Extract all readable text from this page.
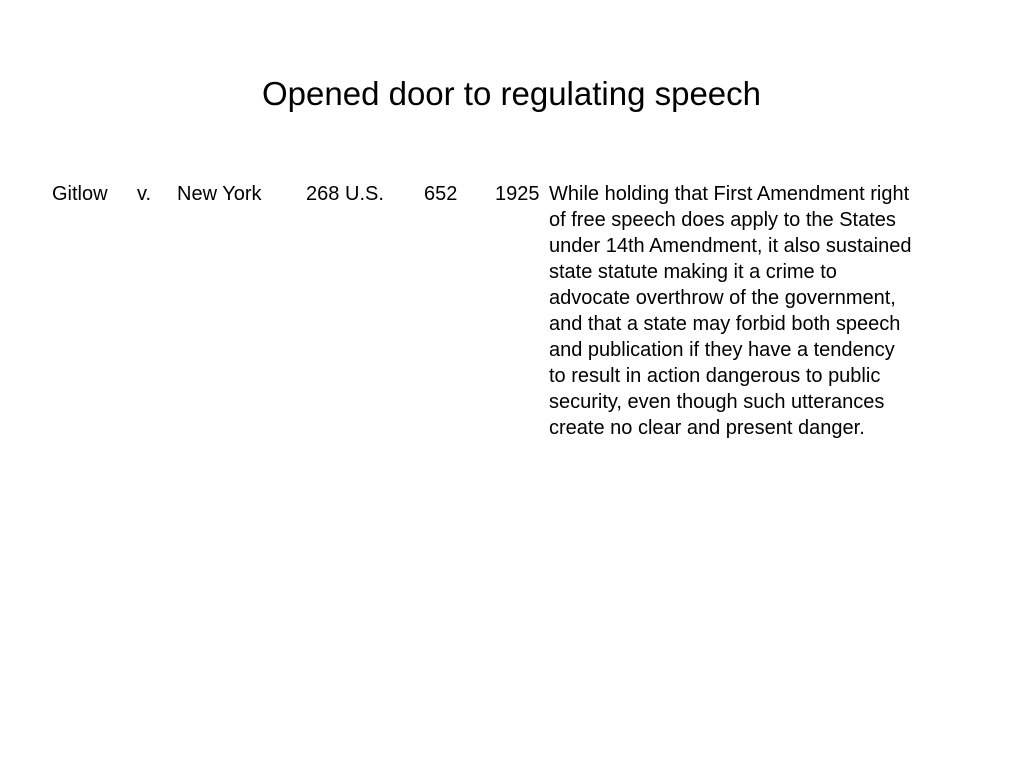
Opened door to regulating speech
Gitlow v. New York 268 U.S. 652 1925 While holding that First Amendment right of free speech does apply to the States under 14th Amendment, it also sustained state statute making it a crime to advocate overthrow of the government, and that a state may forbid both speech and publication if they have a tendency to result in action dangerous to public security, even though such utterances create no clear and present danger.
